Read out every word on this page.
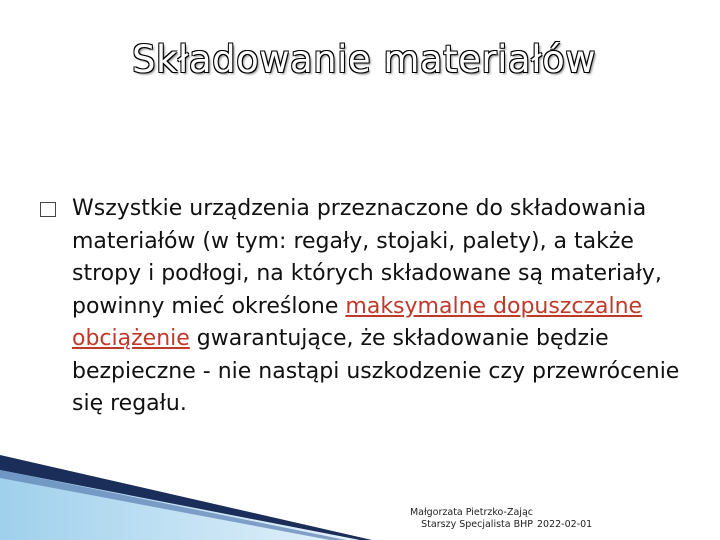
Składowanie materiałów
Wszystkie urządzenia przeznaczone do składowania materiałów (w tym: regały, stojaki, palety), a także stropy i podłogi, na których składowane są materiały, powinny mieć określone maksymalne dopuszczalne obciążenie gwarantujące, że składowanie będzie bezpieczne - nie nastąpi uszkodzenie czy przewrócenie się regału.
Małgorzata Pietrzko-Zając
Starszy Specjalista BHP 2022-02-01
